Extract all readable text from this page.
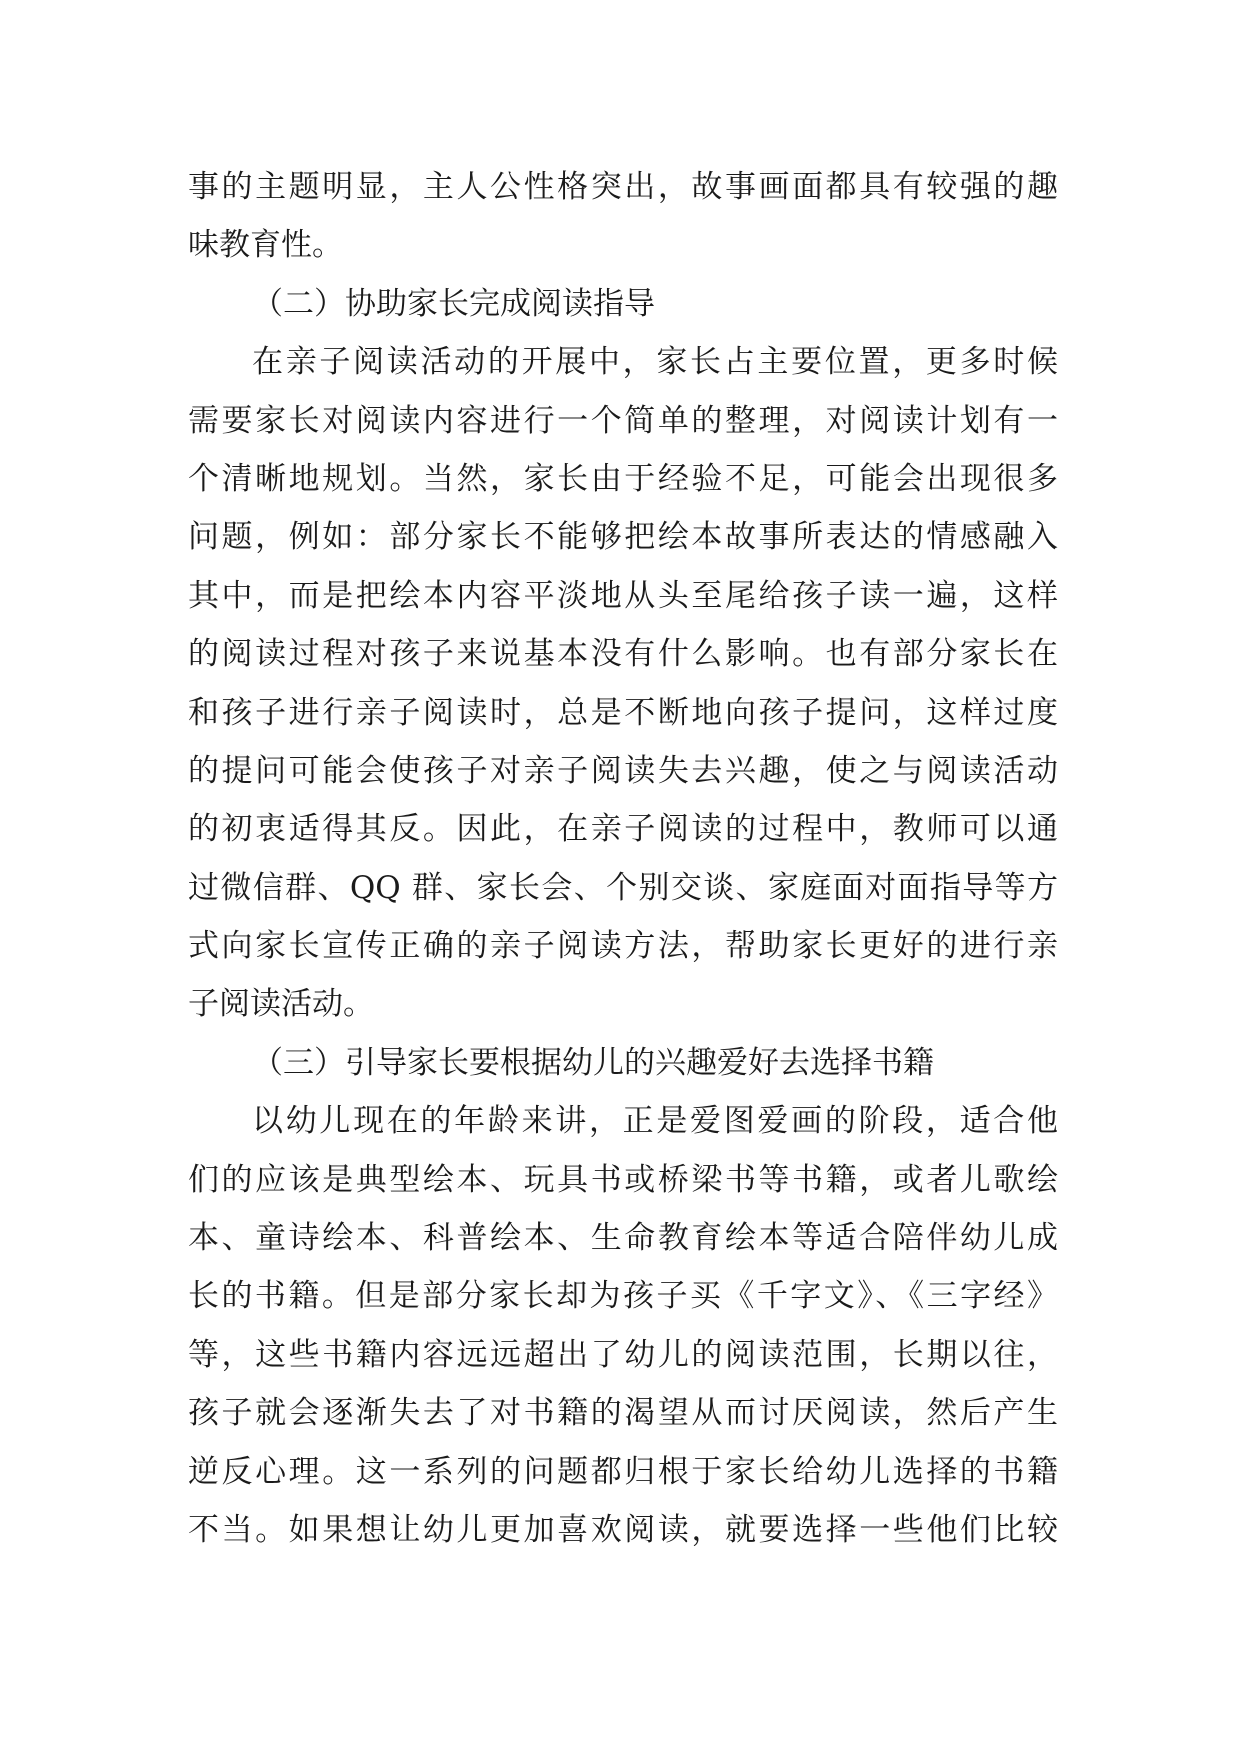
事的主题明显，主人公性格突出，故事画面都具有较强的趣
味教育性。
（二）协助家长完成阅读指导
在亲子阅读活动的开展中，家长占主要位置，更多时候
需要家长对阅读内容进行一个简单的整理，对阅读计划有一
个清晰地规划。当然，家长由于经验不足，可能会出现很多
问题，例如：部分家长不能够把绘本故事所表达的情感融入
其中，而是把绘本内容平淡地从头至尾给孩子读一遍，这样
的阅读过程对孩子来说基本没有什么影响。也有部分家长在
和孩子进行亲子阅读时，总是不断地向孩子提问，这样过度
的提问可能会使孩子对亲子阅读失去兴趣，使之与阅读活动
的初衷适得其反。因此，在亲子阅读的过程中，教师可以通
过微信群、QQ 群、家长会、个别交谈、家庭面对面指导等方
式向家长宣传正确的亲子阅读方法，帮助家长更好的进行亲
子阅读活动。
（三）引导家长要根据幼儿的兴趣爱好去选择书籍
以幼儿现在的年龄来讲，正是爱图爱画的阶段，适合他
们的应该是典型绘本、玩具书或桥梁书等书籍，或者儿歌绘
本、童诗绘本、科普绘本、生命教育绘本等适合陪伴幼儿成
长的书籍。但是部分家长却为孩子买《千字文》、《三字经》
等，这些书籍内容远远超出了幼儿的阅读范围，长期以往，
孩子就会逐渐失去了对书籍的渴望从而讨厌阅读，然后产生
逆反心理。这一系列的问题都归根于家长给幼儿选择的书籍
不当。如果想让幼儿更加喜欢阅读，就要选择一些他们比较
